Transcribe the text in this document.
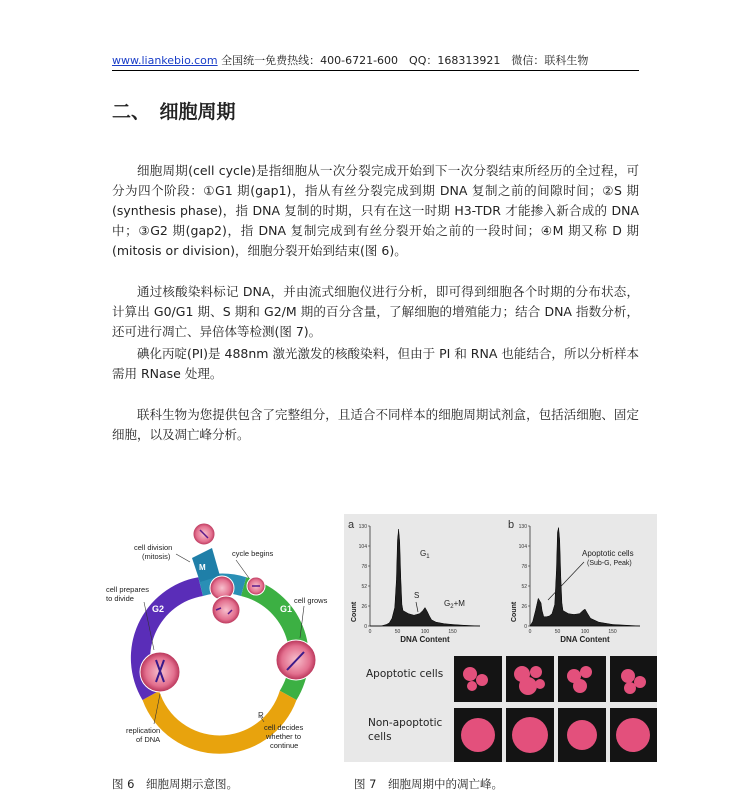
www.liankebio.com 全国统一免费热线：400-6721-600　QQ：168313921　微信：联科生物
二、　细胞周期
细胞周期(cell cycle)是指细胞从一次分裂完成开始到下一次分裂结束所经历的全过程，可分为四个阶段：①G1 期(gap1)，指从有丝分裂完成到期 DNA 复制之前的间隙时间；②S 期(synthesis phase)，指 DNA 复制的时期，只有在这一时期 H3-TDR 才能掺入新合成的 DNA 中；③G2 期(gap2)，指 DNA 复制完成到有丝分裂开始之前的一段时间；④M 期又称 D 期(mitosis or division)，细胞分裂开始到结束(图 6)。
通过核酸染料标记 DNA，并由流式细胞仪进行分析，即可得到细胞各个时期的分布状态，计算出 G0/G1 期、S 期和 G2/M 期的百分含量，了解细胞的增殖能力；结合 DNA 指数分析，还可进行凋亡、异倍体等检测(图 7)。
碘化丙啶(PI)是 488nm 激光激发的核酸染料，但由于 PI 和 RNA 也能结合，所以分析样本需用 RNase 处理。
联科生物为您提供包含了完整组分，且适合不同样本的细胞周期试剂盒，包括活细胞、固定细胞，以及凋亡峰分析。
M
G1
G2
S
R
cell division
(mitosis)	cycle begins
cell prepares
to divide	cell grows
replication
of DNA
cell decides
whether to
continue
a	b
0
26
52
78
104
130
0	50	100	150
DNA Content
Count
0
26
52
78
104
130
0	50	100	150
DNA Content
Count
$G_1$
S
$G_2+M$
Apoptotic cells
(Sub-G, Peak)
Apoptotic cells
Non-apoptotic
cells
图 6　细胞周期示意图。	图 7　细胞周期中的凋亡峰。
